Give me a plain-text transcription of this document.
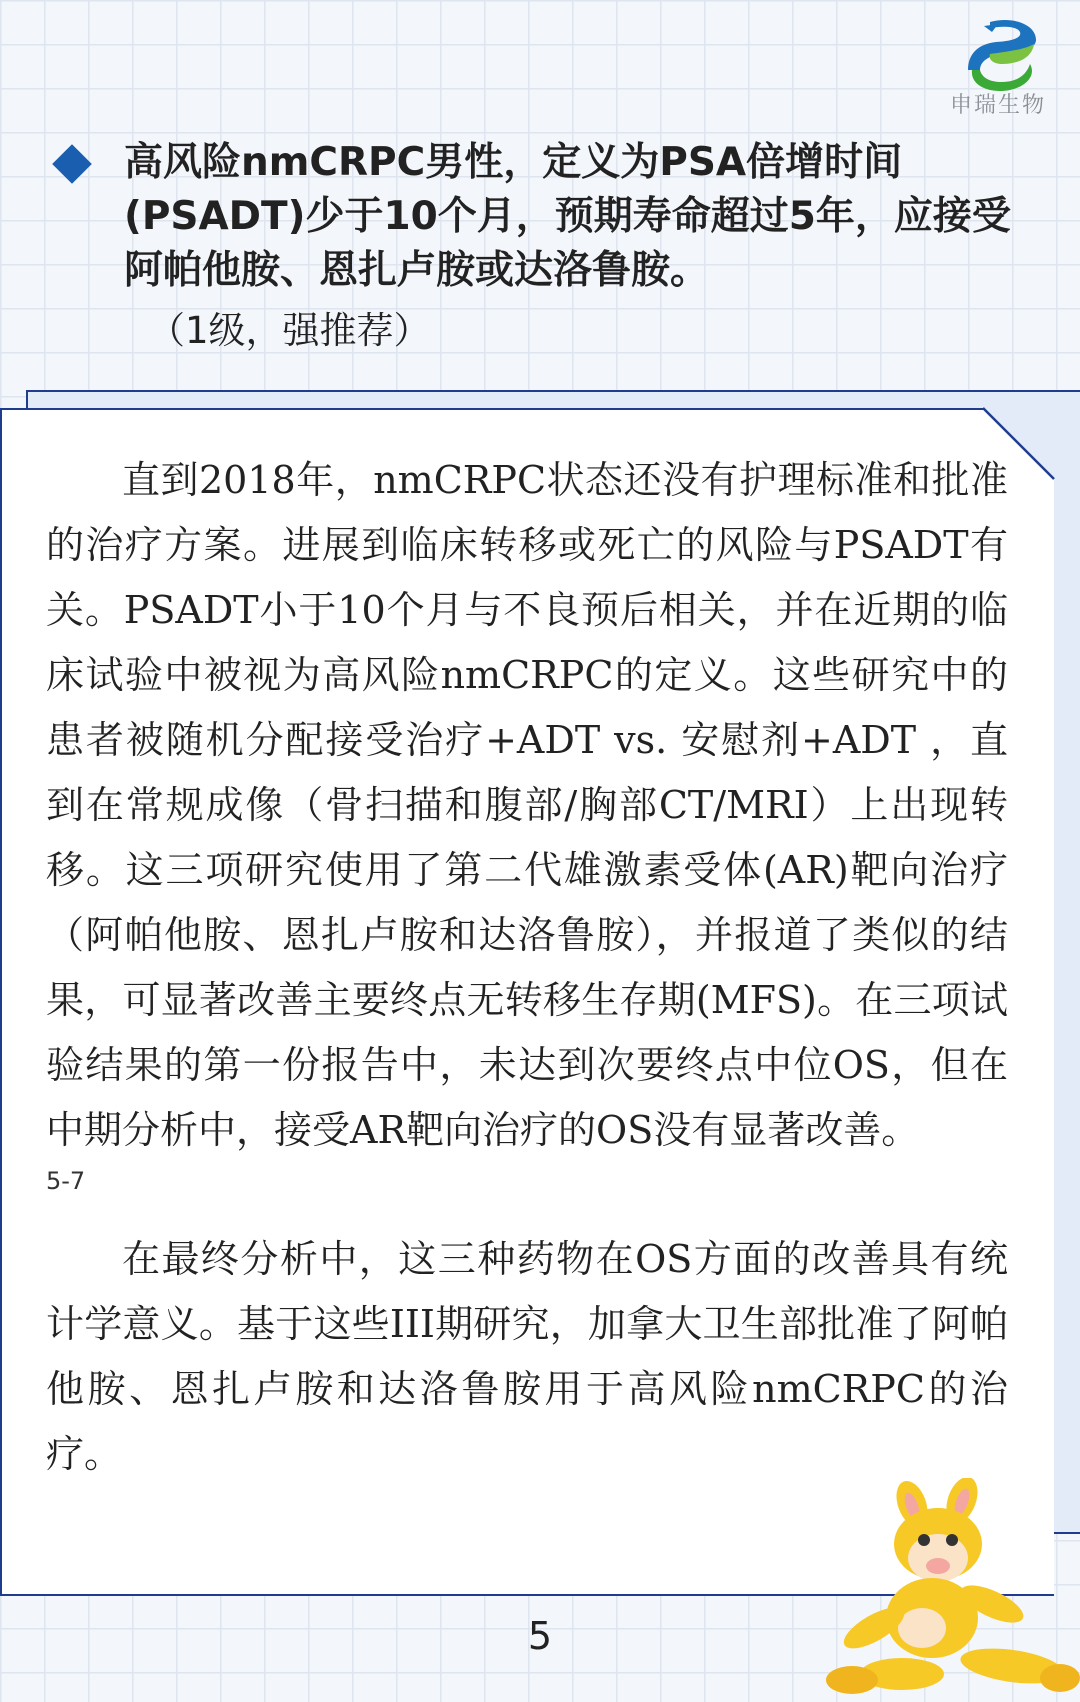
申瑞生物
高风险nmCRPC男性，定义为PSA倍增时间(PSADT)少于10个月，预期寿命超过5年，应接受阿帕他胺、恩扎卢胺或达洛鲁胺。
（1级，强推荐）

直到2018年，nmCRPC状态还没有护理标准和批准的治疗方案。进展到临床转移或死亡的风险与PSADT有关。PSADT小于10个月与不良预后相关，并在近期的临床试验中被视为高风险nmCRPC的定义。这些研究中的患者被随机分配接受治疗+ADT vs. 安慰剂+ADT ，直到在常规成像（骨扫描和腹部/胸部CT/MRI）上出现转移。这三项研究使用了第二代雄激素受体(AR)靶向治疗（阿帕他胺、恩扎卢胺和达洛鲁胺），并报道了类似的结果，可显著改善主要终点无转移生存期(MFS)。在三项试验结果的第一份报告中，未达到次要终点中位OS，但在中期分析中，接受AR靶向治疗的OS没有显著改善。
5-7

在最终分析中，这三种药物在OS方面的改善具有统计学意义。基于这些III期研究，加拿大卫生部批准了阿帕他胺、恩扎卢胺和达洛鲁胺用于高风险nmCRPC的治疗。

5
